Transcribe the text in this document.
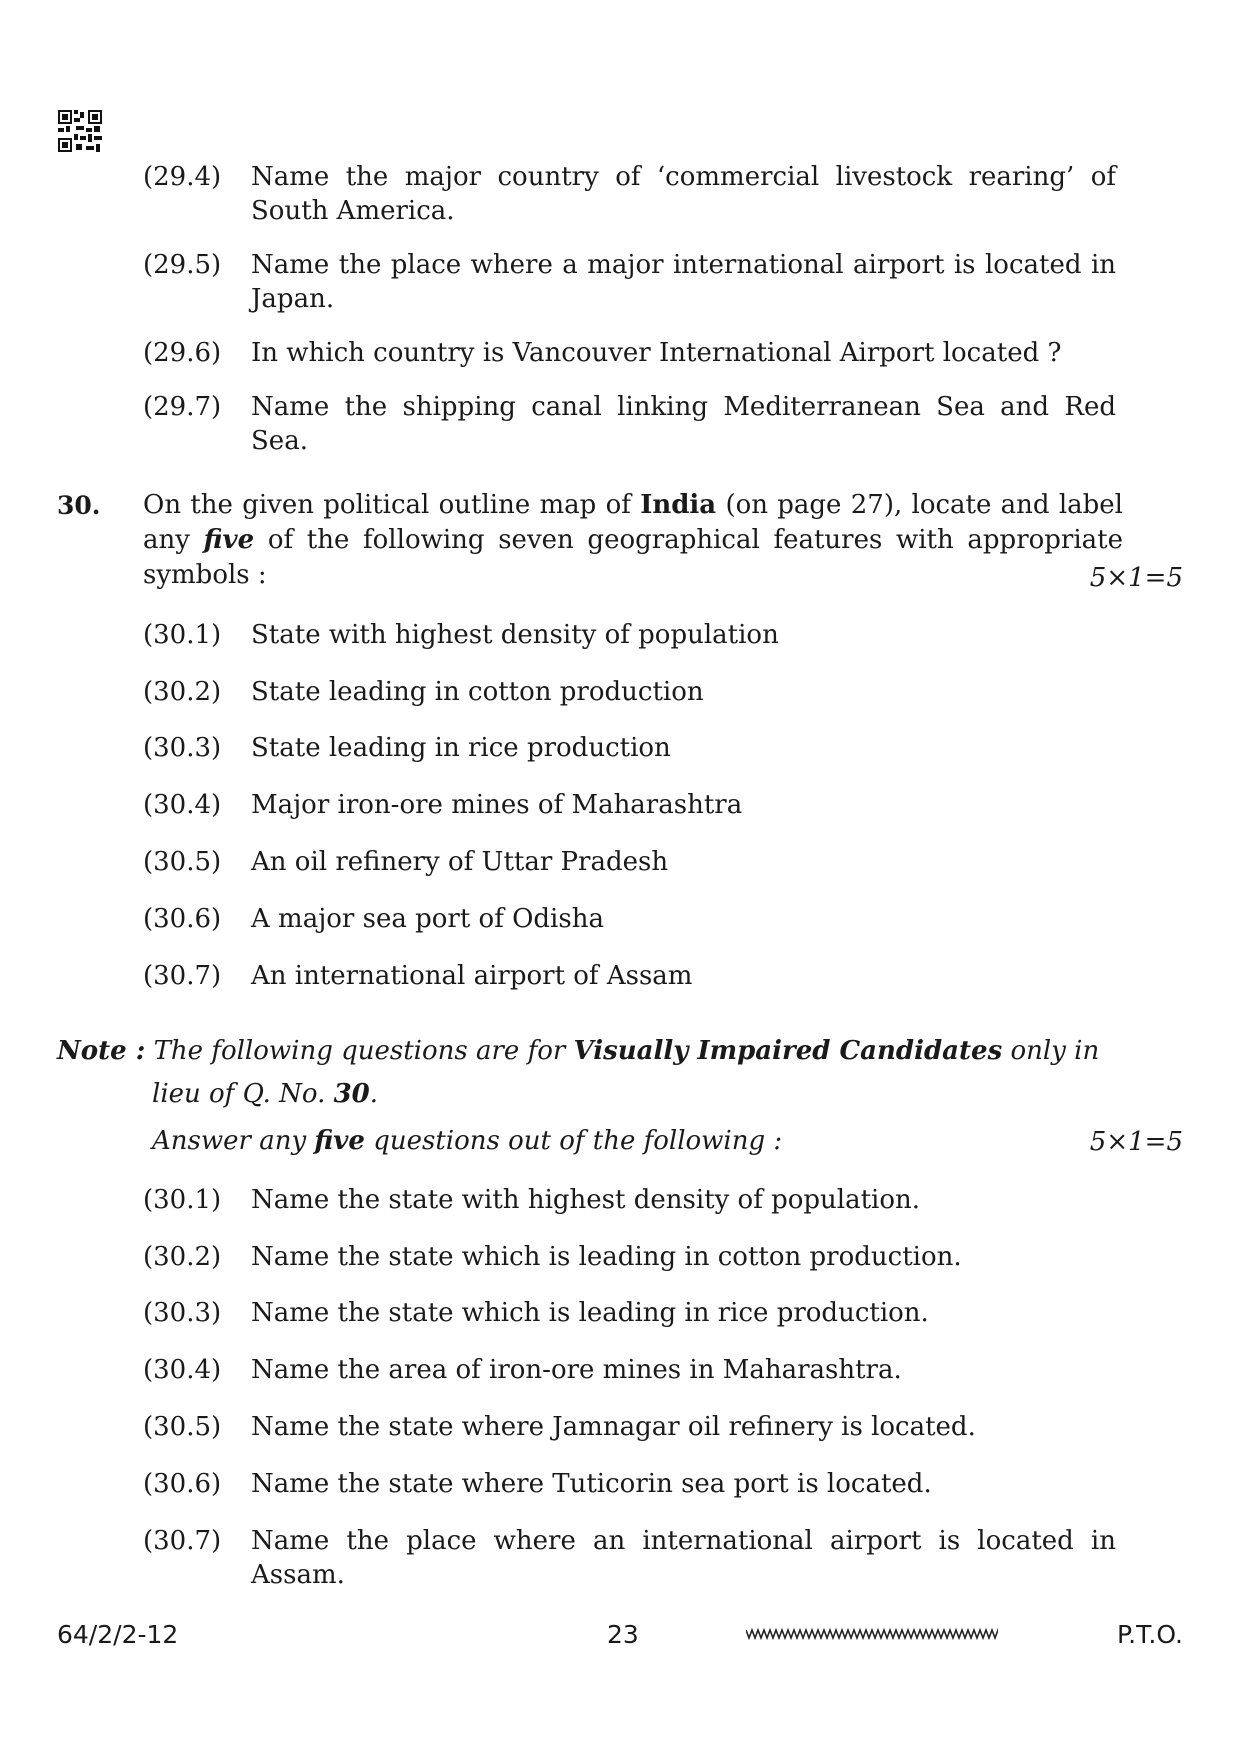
(29.4) Name the major country of ‘commercial livestock rearing’ of South America.
(29.5) Name the place where a major international airport is located in Japan.
(29.6) In which country is Vancouver International Airport located ?
(29.7) Name the shipping canal linking Mediterranean Sea and Red Sea.
30. On the given political outline map of India (on page 27), locate and label any five of the following seven geographical features with appropriate symbols :	5×1=5
(30.1) State with highest density of population
(30.2) State leading in cotton production
(30.3) State leading in rice production
(30.4) Major iron-ore mines of Maharashtra
(30.5) An oil refinery of Uttar Pradesh
(30.6) A major sea port of Odisha
(30.7) An international airport of Assam
Note : The following questions are for Visually Impaired Candidates only in
lieu of Q. No. 30.
Answer any five questions out of the following :	5×1=5
(30.1) Name the state with highest density of population.
(30.2) Name the state which is leading in cotton production.
(30.3) Name the state which is leading in rice production.
(30.4) Name the area of iron-ore mines in Maharashtra.
(30.5) Name the state where Jamnagar oil refinery is located.
(30.6) Name the state where Tuticorin sea port is located.
(30.7) Name the place where an international airport is located in Assam.
64/2/2-12	23	P.T.O.
